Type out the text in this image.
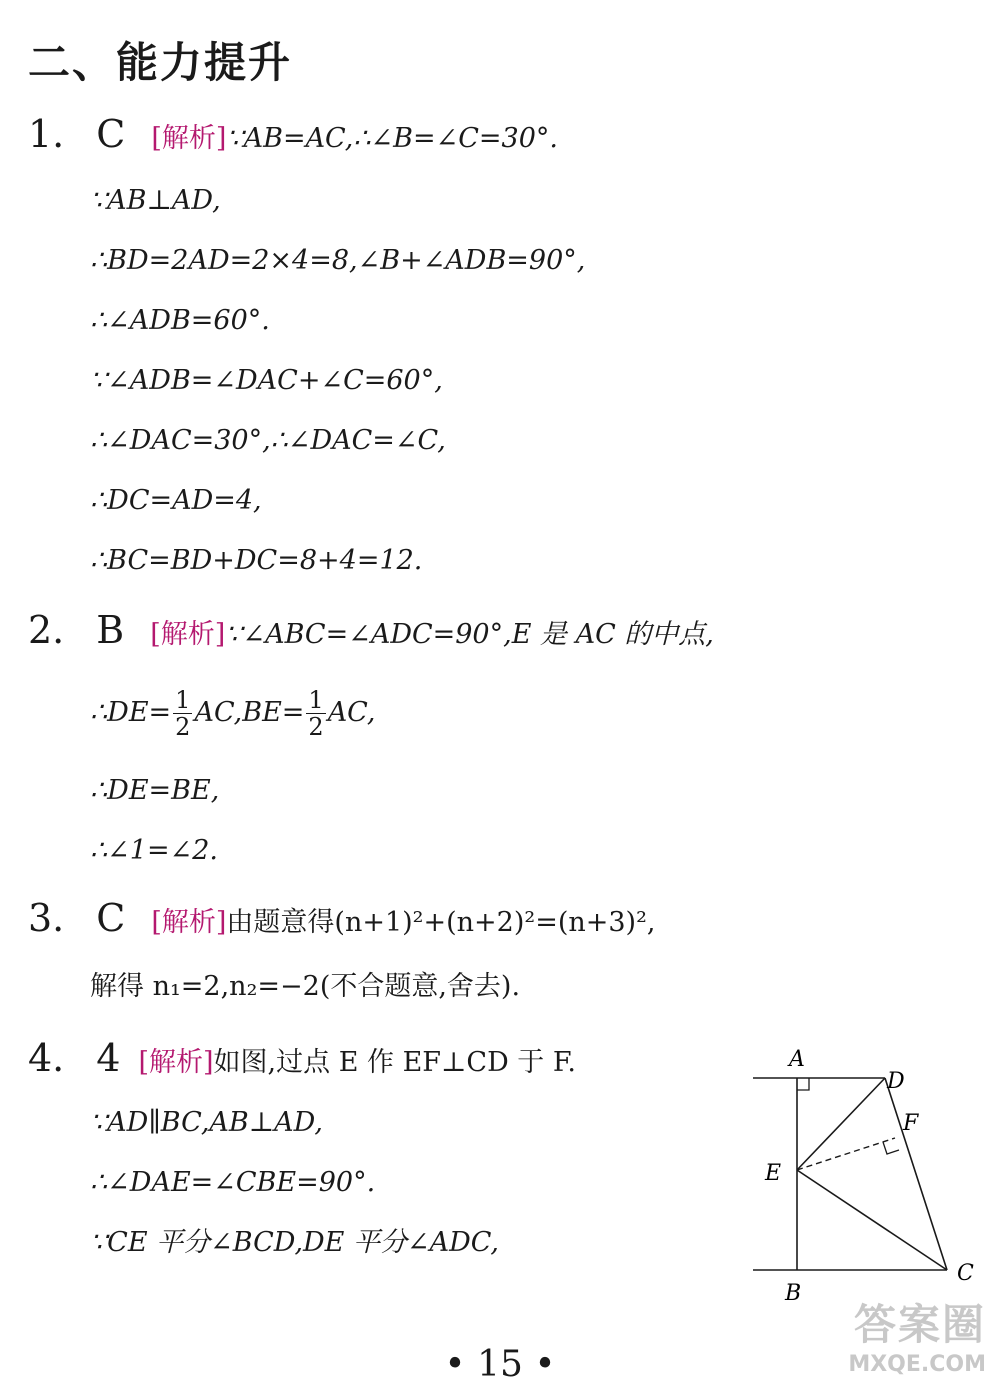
二、能力提升
1. C [解析]∵AB=AC,∴∠B=∠C=30°.
∵AB⊥AD,
∴BD=2AD=2×4=8,∠B+∠ADB=90°,
∴∠ADB=60°.
∵∠ADB=∠DAC+∠C=60°,
∴∠DAC=30°,∴∠DAC=∠C,
∴DC=AD=4,
∴BC=BD+DC=8+4=12.
2. B [解析]∵∠ABC=∠ADC=90°,E 是 AC 的中点,
∴DE= $\frac{1}{2} AC,BE= \frac{1}{2}$ AC,
∴DE=BE,
∴∠1=∠2.
3. C [解析]由题意得(n+1)²+(n+2)²=(n+3)²,
解得 n₁=2,n₂=−2(不合题意,舍去).
4. 4 [解析]如图,过点 E 作 EF⊥CD 于 F.
∵AD∥BC,AB⊥AD,
∴∠DAE=∠CBE=90°.
∵CE 平分∠BCD,DE 平分∠ADC,
A
D
F
E
B
C
答案圈
MXQE.COM
• 15 •
